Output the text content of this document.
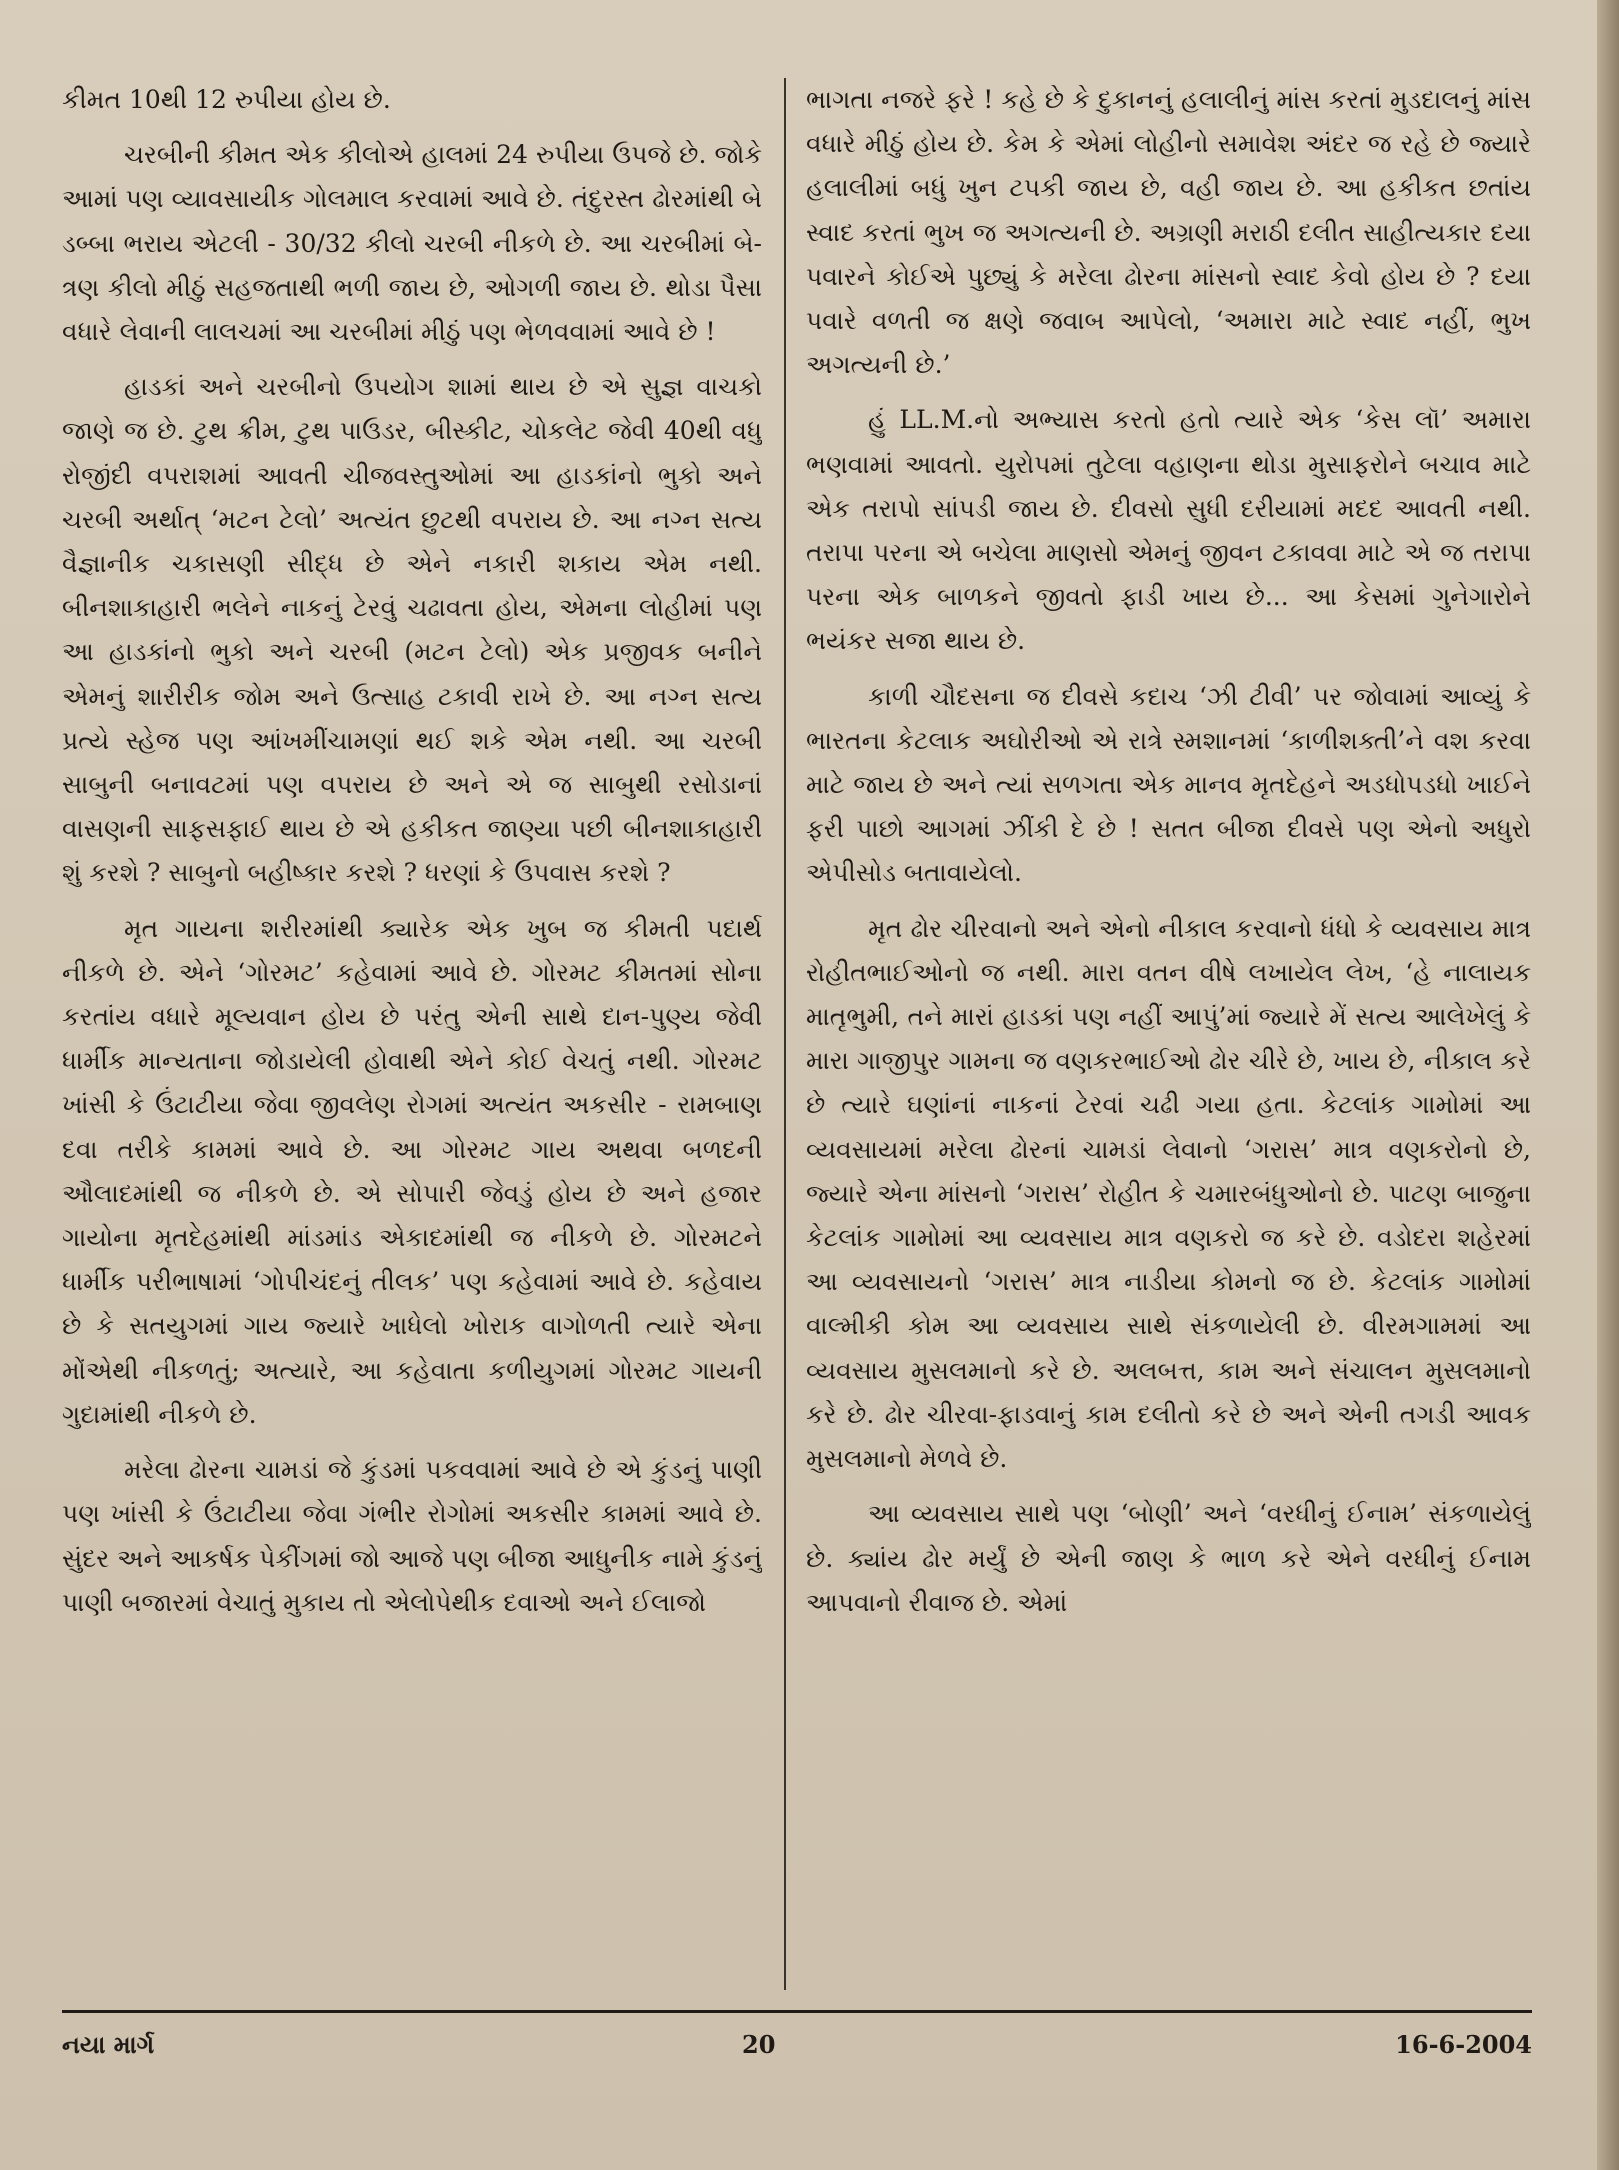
કીમત 10થી 12 રુપીયા હોય છે.

ચરબીની કીમત એક કીલોએ હાલમાં 24 રુપીયા ઉપજે છે. જોકે આમાં પણ વ્યાવસાયીક ગોલમાલ કરવામાં આવે છે. તંદુરસ્ત ઢોરમાંથી બે ડબ્બા ભરાય એટલી - 30/32 કીલો ચરબી નીકળે છે. આ ચરબીમાં બે-ત્રણ કીલો મીઠું સહજતાથી ભળી જાય છે, ઓગળી જાય છે. થોડા પૈસા વધારે લેવાની લાલચમાં આ ચરબીમાં મીઠું પણ ભેળવવામાં આવે છે !

હાડકાં અને ચરબીનો ઉપયોગ શામાં થાય છે એ સુજ્ઞ વાચકો જાણે જ છે. ટુથ ક્રીમ, ટુથ પાઉડર, બીસ્કીટ, ચોકલેટ જેવી 40થી વધુ રોજીંદી વપરાશમાં આવતી ચીજવસ્તુઓમાં આ હાડકાંનો ભુકો અને ચરબી અર્થાત્ ‘મટન ટેલો’ અત્યંત છુટથી વપરાય છે. આ નગ્ન સત્ય વૈજ્ઞાનીક ચકાસણી સીદ્ધ છે એને નકારી શકાય એમ નથી. બીનશાકાહારી ભલેને નાકનું ટેરવું ચઢાવતા હોય, એમના લોહીમાં પણ આ હાડકાંનો ભુકો અને ચરબી (મટન ટેલો) એક પ્રજીવક બનીને એમનું શારીરીક જોમ અને ઉત્સાહ ટકાવી રાખે છે. આ નગ્ન સત્ય પ્રત્યે સ્હેજ પણ આંખમીંચામણાં થઈ શકે એમ નથી. આ ચરબી સાબુની બનાવટમાં પણ વપરાય છે અને એ જ સાબુથી રસોડાનાં વાસણની સાફસફાઈ થાય છે એ હકીકત જાણ્યા પછી બીનશાકાહારી શું કરશે ? સાબુનો બહીષ્કાર કરશે ? ધરણાં કે ઉપવાસ કરશે ?

મૃત ગાયના શરીરમાંથી ક્યારેક એક ખુબ જ કીમતી પદાર્થ નીકળે છે. એને ‘ગોરમટ’ કહેવામાં આવે છે. ગોરમટ કીમતમાં સોના કરતાંય વધારે મૂલ્યવાન હોય છે પરંતુ એની સાથે દાન-પુણ્ય જેવી ધાર્મીક માન્યતાના જોડાયેલી હોવાથી એને કોઈ વેચતું નથી. ગોરમટ ખાંસી કે ઉંટાટીયા જેવા જીવલેણ રોગમાં અત્યંત અકસીર - રામબાણ દવા તરીકે કામમાં આવે છે. આ ગોરમટ ગાય અથવા બળદની ઔલાદમાંથી જ નીકળે છે. એ સોપારી જેવડું હોય છે અને હજાર ગાયોના મૃતદેહમાંથી માંડમાંડ એકાદમાંથી જ નીકળે છે. ગોરમટને ધાર્મીક પરીભાષામાં ‘ગોપીચંદનું તીલક’ પણ કહેવામાં આવે છે. કહેવાય છે કે સતયુગમાં ગાય જ્યારે ખાધેલો ખોરાક વાગોળતી ત્યારે એના મોંએથી નીકળતું; અત્યારે, આ કહેવાતા કળીયુગમાં ગોરમટ ગાયની ગુદામાંથી નીકળે છે.

મરેલા ઢોરના ચામડાં જે કુંડમાં પકવવામાં આવે છે એ કુંડનું પાણી પણ ખાંસી કે ઉંટાટીયા જેવા ગંભીર રોગોમાં અકસીર કામમાં આવે છે. સુંદર અને આકર્ષક પેકીંગમાં જો આજે પણ બીજા આધુનીક નામે કુંડનું પાણી બજારમાં વેચાતું મુકાય તો એલોપેથીક દવાઓ અને ઈલાજો

ભાગતા નજરે ફરે ! કહે છે કે દુકાનનું હલાલીનું માંસ કરતાં મુડદાલનું માંસ વધારે મીઠું હોય છે. કેમ કે એમાં લોહીનો સમાવેશ અંદર જ રહે છે જ્યારે હલાલીમાં બધું ખુન ટપકી જાય છે, વહી જાય છે. આ હકીકત છતાંય સ્વાદ કરતાં ભુખ જ અગત્યની છે. અગ્રણી મરાઠી દલીત સાહીત્યકાર દયા પવારને કોઈએ પુછ્યું કે મરેલા ઢોરના માંસનો સ્વાદ કેવો હોય છે ? દયા પવારે વળતી જ ક્ષણે જવાબ આપેલો, ‘અમારા માટે સ્વાદ નહીં, ભુખ અગત્યની છે.’

હું LL.M.નો અભ્યાસ કરતો હતો ત્યારે એક ‘કેસ લૉ’ અમારા ભણવામાં આવતો. યુરોપમાં તુટેલા વહાણના થોડા મુસાફરોને બચાવ માટે એક તરાપો સાંપડી જાય છે. દીવસો સુધી દરીયામાં મદદ આવતી નથી. તરાપા પરના એ બચેલા માણસો એમનું જીવન ટકાવવા માટે એ જ તરાપા પરના એક બાળકને જીવતો ફાડી ખાય છે... આ કેસમાં ગુનેગારોને ભયંકર સજા થાય છે.

કાળી ચૌદસના જ દીવસે કદાચ ‘ઝી ટીવી’ પર જોવામાં આવ્યું કે ભારતના કેટલાક અઘોરીઓ એ રાત્રે સ્મશાનમાં ‘કાળીશક્તી’ને વશ કરવા માટે જાય છે અને ત્યાં સળગતા એક માનવ મૃતદેહને અડધોપડધો ખાઈને ફરી પાછો આગમાં ઝીંકી દે છે ! સતત બીજા દીવસે પણ એનો અધુરો એપીસોડ બતાવાયેલો.

મૃત ઢોર ચીરવાનો અને એનો નીકાલ કરવાનો ધંધો કે વ્યવસાય માત્ર રોહીતભાઈઓનો જ નથી. મારા વતન વીષે લખાયેલ લેખ, ‘હે નાલાયક માતૃભુમી, તને મારાં હાડકાં પણ નહીં આપું’માં જ્યારે મેં સત્ય આલેખેલું કે મારા ગાજીપુર ગામના જ વણકરભાઈઓ ઢોર ચીરે છે, ખાય છે, નીકાલ કરે છે ત્યારે ઘણાંનાં નાકનાં ટેરવાં ચઢી ગયા હતા. કેટલાંક ગામોમાં આ વ્યવસાયમાં મરેલા ઢોરનાં ચામડાં લેવાનો ‘ગરાસ’ માત્ર વણકરોનો છે, જ્યારે એના માંસનો ‘ગરાસ’ રોહીત કે ચમારબંધુઓનો છે. પાટણ બાજુના કેટલાંક ગામોમાં આ વ્યવસાય માત્ર વણકરો જ કરે છે. વડોદરા શહેરમાં આ વ્યવસાયનો ‘ગરાસ’ માત્ર નાડીયા કોમનો જ છે. કેટલાંક ગામોમાં વાલ્મીકી કોમ આ વ્યવસાય સાથે સંકળાયેલી છે. વીરમગામમાં આ વ્યવસાય મુસલમાનો કરે છે. અલબત્ત, કામ અને સંચાલન મુસલમાનો કરે છે. ઢોર ચીરવા-ફાડવાનું કામ દલીતો કરે છે અને એની તગડી આવક મુસલમાનો મેળવે છે.

આ વ્યવસાય સાથે પણ ‘બોણી’ અને ‘વરધીનું ઈનામ’ સંકળાયેલું છે. ક્યાંય ઢોર મર્યું છે એની જાણ કે ભાળ કરે એને વરધીનું ઈનામ આપવાનો રીવાજ છે. એમાં

નયા માર્ગ	20	16-6-2004
